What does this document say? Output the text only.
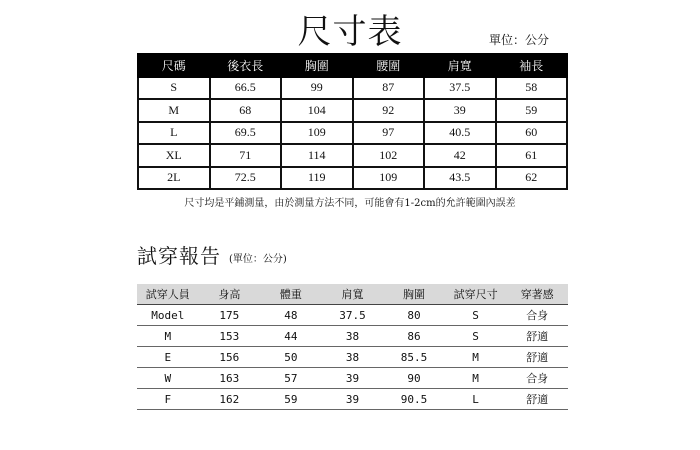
尺寸表	單位：公分
尺碼	後衣長	胸圍	腰圍	肩寬	袖長
S	66.5	99	87	37.5	58
M	68	104	92	39	59
L	69.5	109	97	40.5	60
XL	71	114	102	42	61
2L	72.5	119	109	43.5	62
尺寸均是平鋪測量，由於測量方法不同，可能會有1-2cm的允許範圍內誤差
試穿報告 (單位：公分)
試穿人員	身高	體重	肩寬	胸圍	試穿尺寸	穿著感
Model	175	48	37.5	80	S	合身
M	153	44	38	86	S	舒適
E	156	50	38	85.5	M	舒適
W	163	57	39	90	M	合身
F	162	59	39	90.5	L	舒適
